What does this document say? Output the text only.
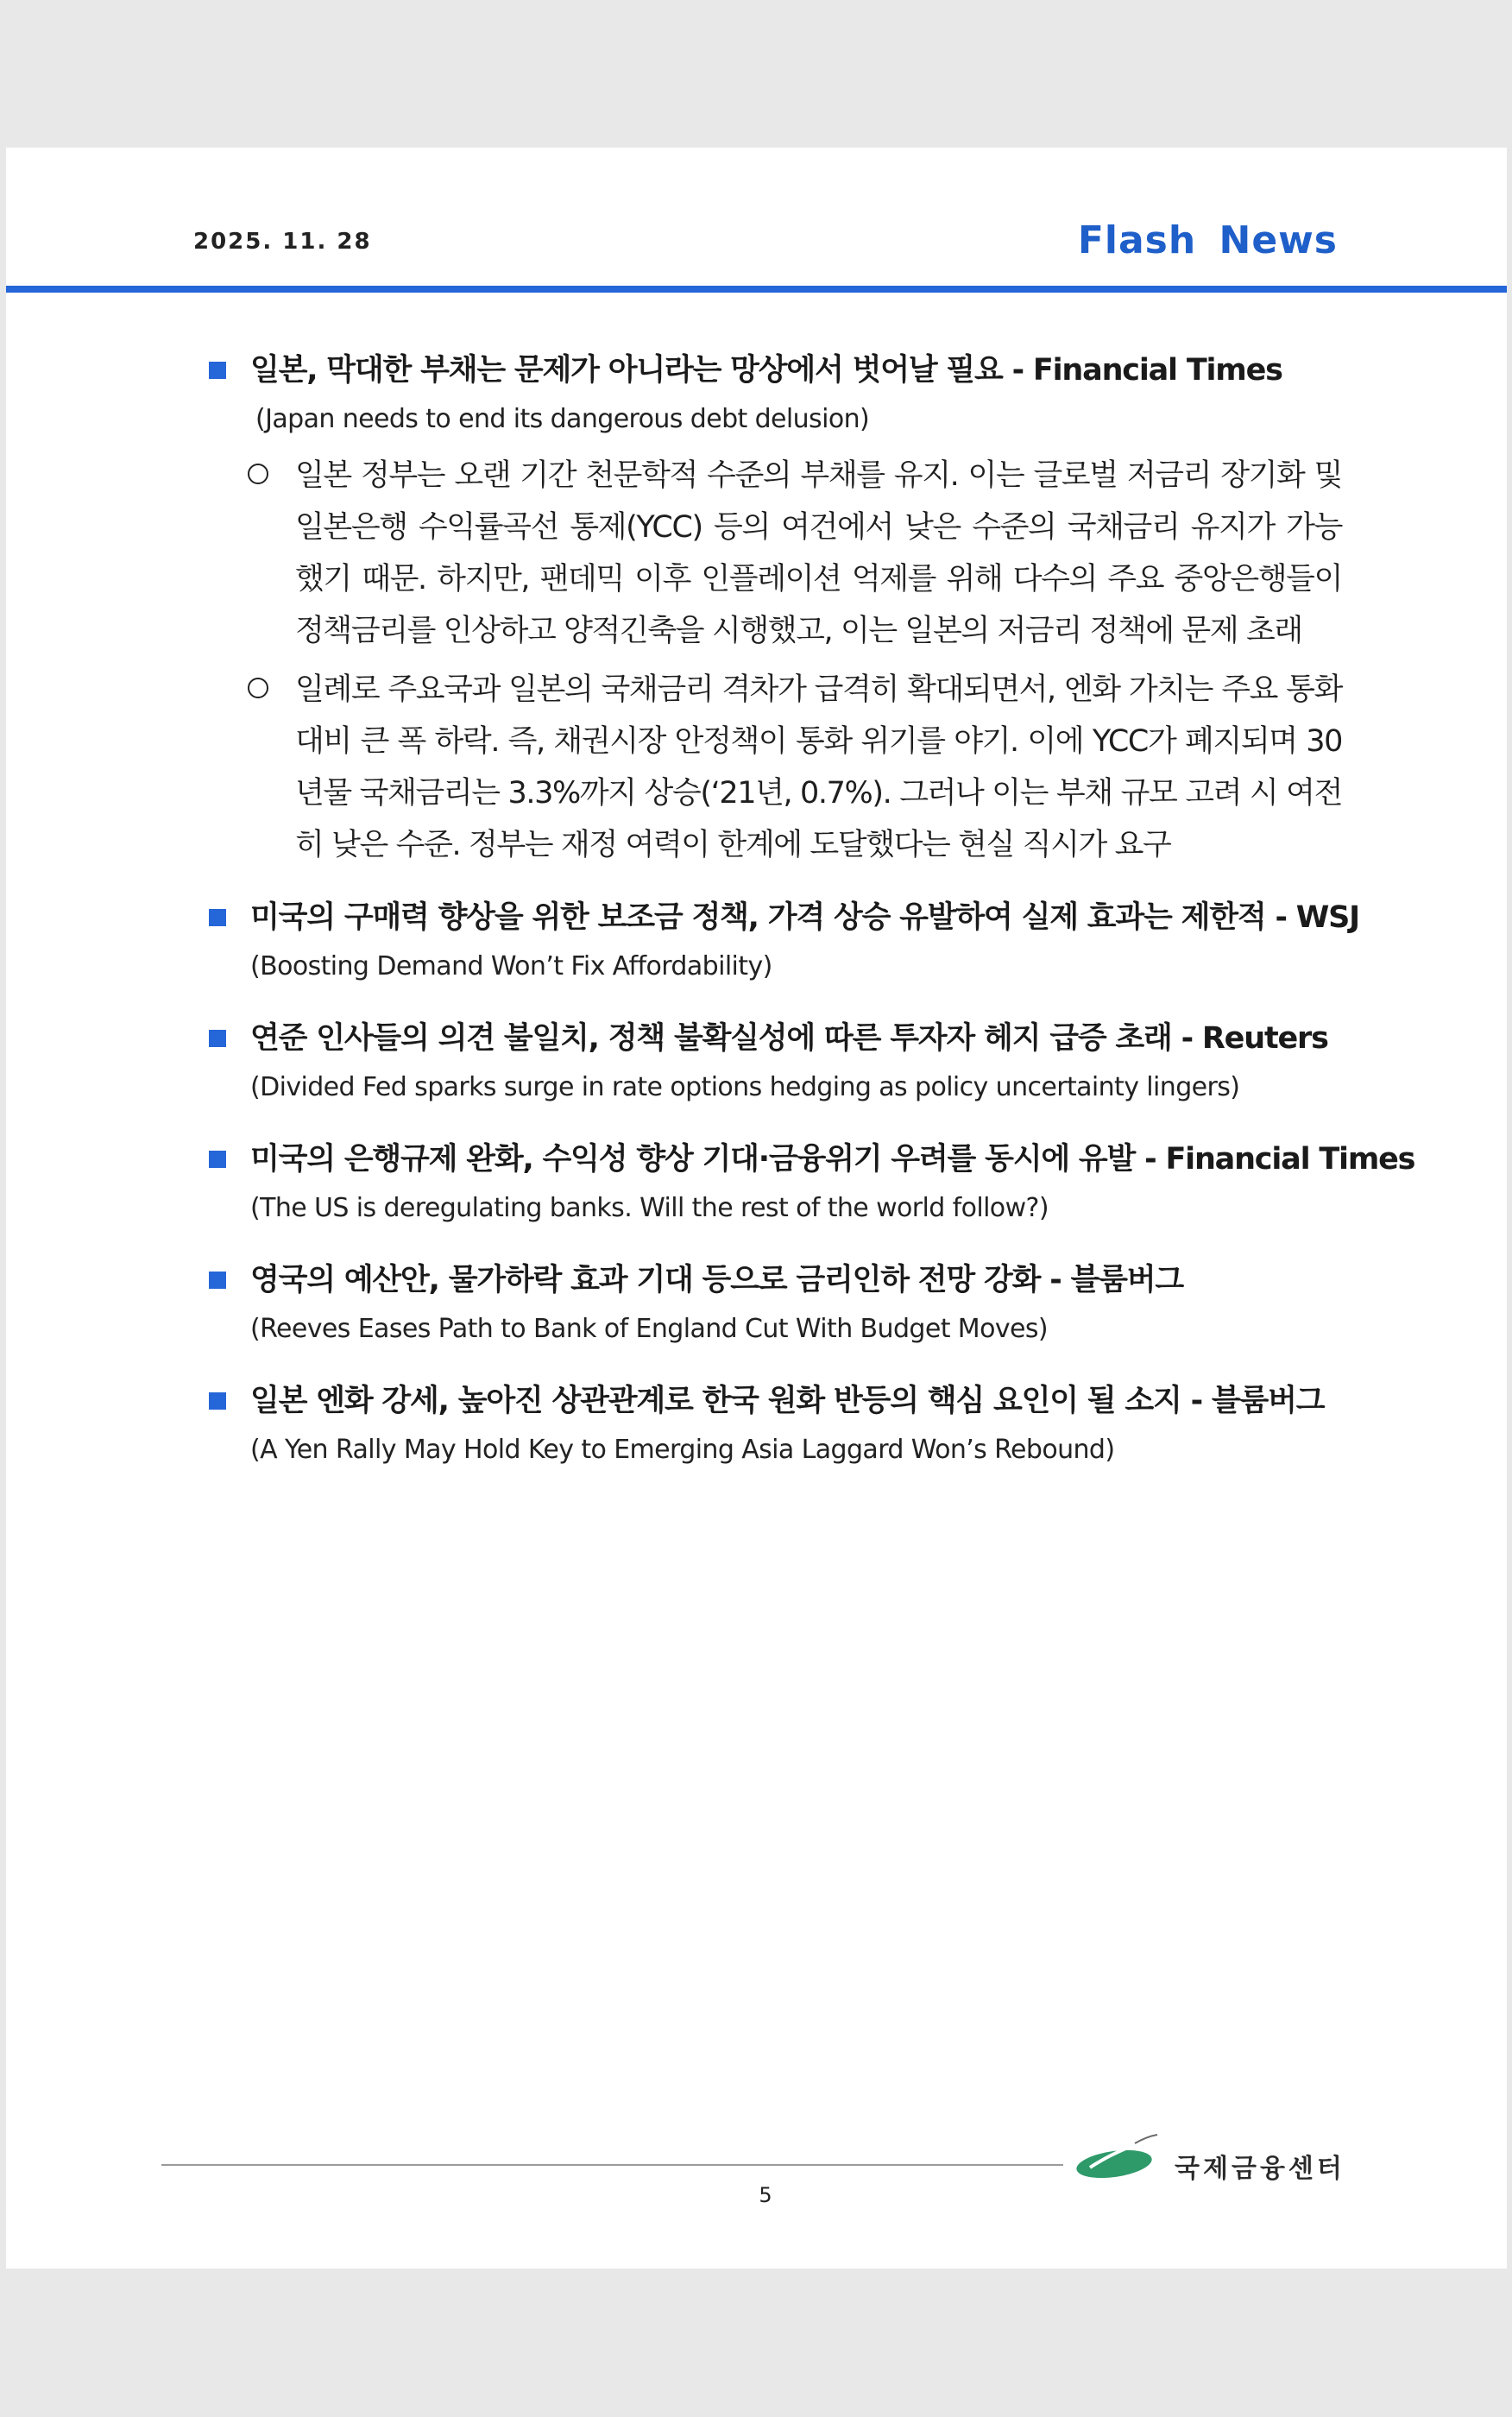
2025. 11. 28	Flash News
일본, 막대한 부채는 문제가 아니라는 망상에서 벗어날 필요 - Financial Times
(Japan needs to end its dangerous debt delusion)
일본 정부는 오랜 기간 천문학적 수준의 부채를 유지. 이는 글로벌 저금리 장기화 및 일본은행 수익률곡선 통제(YCC) 등의 여건에서 낮은 수준의 국채금리 유지가 가능했기 때문. 하지만, 팬데믹 이후 인플레이션 억제를 위해 다수의 주요 중앙은행들이 정책금리를 인상하고 양적긴축을 시행했고, 이는 일본의 저금리 정책에 문제 초래
일례로 주요국과 일본의 국채금리 격차가 급격히 확대되면서, 엔화 가치는 주요 통화 대비 큰 폭 하락. 즉, 채권시장 안정책이 통화 위기를 야기. 이에 YCC가 폐지되며 30년물 국채금리는 3.3%까지 상승(‘21년, 0.7%). 그러나 이는 부채 규모 고려 시 여전히 낮은 수준. 정부는 재정 여력이 한계에 도달했다는 현실 직시가 요구
미국의 구매력 향상을 위한 보조금 정책, 가격 상승 유발하여 실제 효과는 제한적 - WSJ
(Boosting Demand Won’t Fix Affordability)
연준 인사들의 의견 불일치, 정책 불확실성에 따른 투자자 헤지 급증 초래 - Reuters
(Divided Fed sparks surge in rate options hedging as policy uncertainty lingers)
미국의 은행규제 완화, 수익성 향상 기대·금융위기 우려를 동시에 유발 - Financial Times
(The US is deregulating banks. Will the rest of the world follow?)
영국의 예산안, 물가하락 효과 기대 등으로 금리인하 전망 강화 - 블룸버그
(Reeves Eases Path to Bank of England Cut With Budget Moves)
일본 엔화 강세, 높아진 상관관계로 한국 원화 반등의 핵심 요인이 될 소지 - 블룸버그
(A Yen Rally May Hold Key to Emerging Asia Laggard Won’s Rebound)
국제금융센터
5
